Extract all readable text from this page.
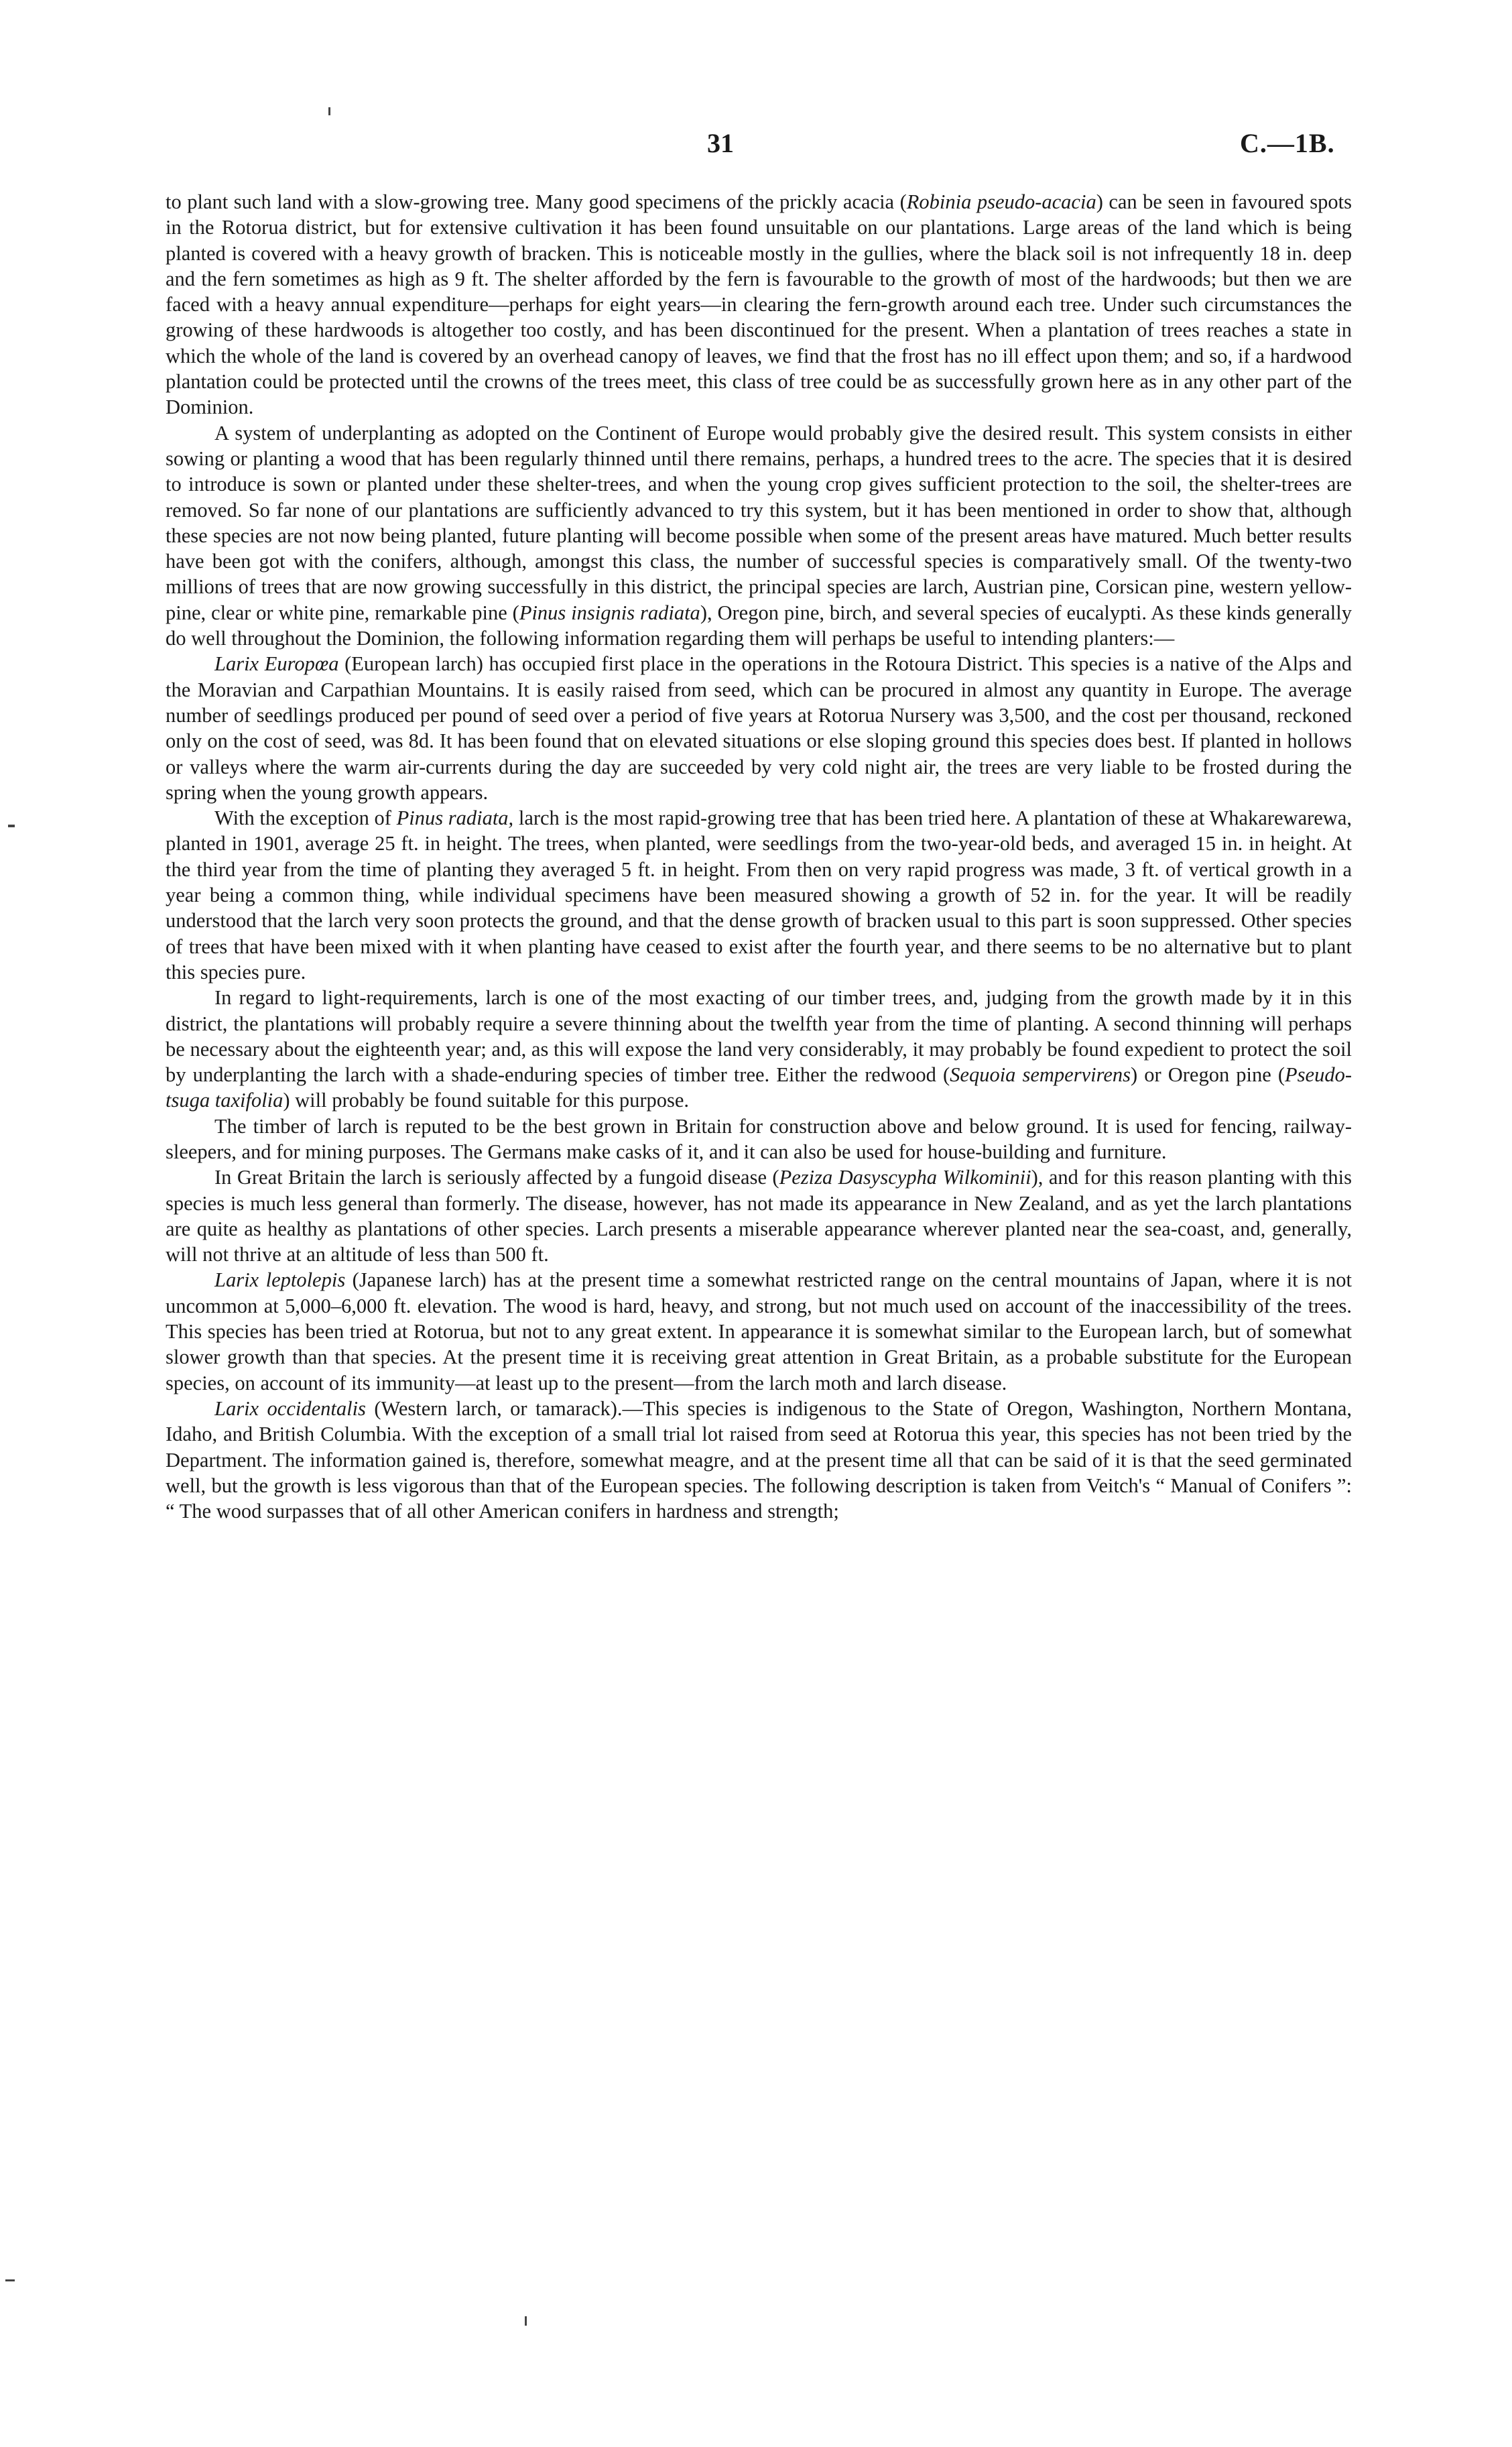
31	C.—1B.

to plant such land with a slow-growing tree. Many good specimens of the prickly acacia (Robinia pseudo-acacia) can be seen in favoured spots in the Rotorua district, but for extensive cultivation it has been found unsuitable on our plantations. Large areas of the land which is being planted is covered with a heavy growth of bracken. This is noticeable mostly in the gullies, where the black soil is not infrequently 18 in. deep and the fern sometimes as high as 9 ft. The shelter afforded by the fern is favourable to the growth of most of the hardwoods; but then we are faced with a heavy annual expenditure—perhaps for eight years—in clearing the fern-growth around each tree. Under such circumstances the growing of these hardwoods is altogether too costly, and has been discontinued for the present. When a plantation of trees reaches a state in which the whole of the land is covered by an overhead canopy of leaves, we find that the frost has no ill effect upon them; and so, if a hardwood plantation could be protected until the crowns of the trees meet, this class of tree could be as successfully grown here as in any other part of the Dominion.

A system of underplanting as adopted on the Continent of Europe would probably give the desired result. This system consists in either sowing or planting a wood that has been regularly thinned until there remains, perhaps, a hundred trees to the acre. The species that it is desired to introduce is sown or planted under these shelter-trees, and when the young crop gives sufficient protection to the soil, the shelter-trees are removed. So far none of our plantations are sufficiently advanced to try this system, but it has been mentioned in order to show that, although these species are not now being planted, future planting will become possible when some of the present areas have matured. Much better results have been got with the conifers, although, amongst this class, the number of successful species is comparatively small. Of the twenty-two millions of trees that are now growing successfully in this district, the principal species are larch, Austrian pine, Corsican pine, western yellow-pine, clear or white pine, remarkable pine (Pinus insignis radiata), Oregon pine, birch, and several species of eucalypti. As these kinds generally do well throughout the Dominion, the following information regarding them will perhaps be useful to intending planters:—

Larix Europœa (European larch) has occupied first place in the operations in the Rotoura District. This species is a native of the Alps and the Moravian and Carpathian Mountains. It is easily raised from seed, which can be procured in almost any quantity in Europe. The average number of seedlings produced per pound of seed over a period of five years at Rotorua Nursery was 3,500, and the cost per thousand, reckoned only on the cost of seed, was 8d. It has been found that on elevated situations or else sloping ground this species does best. If planted in hollows or valleys where the warm air-currents during the day are succeeded by very cold night air, the trees are very liable to be frosted during the spring when the young growth appears.

With the exception of Pinus radiata, larch is the most rapid-growing tree that has been tried here. A plantation of these at Whakarewarewa, planted in 1901, average 25 ft. in height. The trees, when planted, were seedlings from the two-year-old beds, and averaged 15 in. in height. At the third year from the time of planting they averaged 5 ft. in height. From then on very rapid progress was made, 3 ft. of vertical growth in a year being a common thing, while individual specimens have been measured showing a growth of 52 in. for the year. It will be readily understood that the larch very soon protects the ground, and that the dense growth of bracken usual to this part is soon suppressed. Other species of trees that have been mixed with it when planting have ceased to exist after the fourth year, and there seems to be no alternative but to plant this species pure.

In regard to light-requirements, larch is one of the most exacting of our timber trees, and, judging from the growth made by it in this district, the plantations will probably require a severe thinning about the twelfth year from the time of planting. A second thinning will perhaps be necessary about the eighteenth year; and, as this will expose the land very considerably, it may probably be found expedient to protect the soil by underplanting the larch with a shade-enduring species of timber tree. Either the redwood (Sequoia sempervirens) or Oregon pine (Pseudo-tsuga taxifolia) will probably be found suitable for this purpose.

The timber of larch is reputed to be the best grown in Britain for construction above and below ground. It is used for fencing, railway-sleepers, and for mining purposes. The Germans make casks of it, and it can also be used for house-building and furniture.

In Great Britain the larch is seriously affected by a fungoid disease (Peziza Dasyscypha Wilkominii), and for this reason planting with this species is much less general than formerly. The disease, however, has not made its appearance in New Zealand, and as yet the larch plantations are quite as healthy as plantations of other species. Larch presents a miserable appearance wherever planted near the sea-coast, and, generally, will not thrive at an altitude of less than 500 ft.

Larix leptolepis (Japanese larch) has at the present time a somewhat restricted range on the central mountains of Japan, where it is not uncommon at 5,000–6,000 ft. elevation. The wood is hard, heavy, and strong, but not much used on account of the inaccessibility of the trees. This species has been tried at Rotorua, but not to any great extent. In appearance it is somewhat similar to the European larch, but of somewhat slower growth than that species. At the present time it is receiving great attention in Great Britain, as a probable substitute for the European species, on account of its immunity—at least up to the present—from the larch moth and larch disease.

Larix occidentalis (Western larch, or tamarack).—This species is indigenous to the State of Oregon, Washington, Northern Montana, Idaho, and British Columbia. With the exception of a small trial lot raised from seed at Rotorua this year, this species has not been tried by the Department. The information gained is, therefore, somewhat meagre, and at the present time all that can be said of it is that the seed germinated well, but the growth is less vigorous than that of the European species. The following description is taken from Veitch's “ Manual of Conifers ”: “ The wood surpasses that of all other American conifers in hardness and strength;
